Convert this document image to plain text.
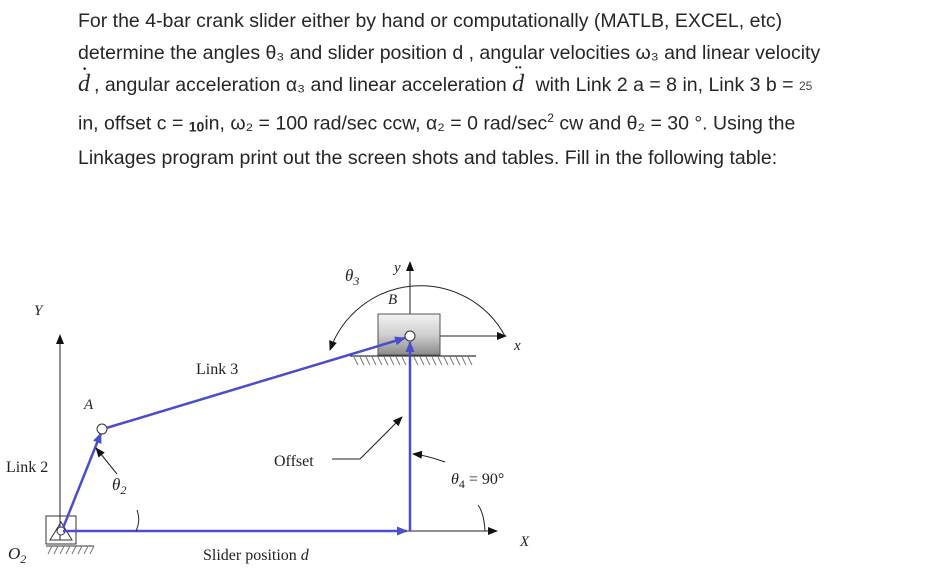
For the 4-bar crank slider either by hand or computationally (MATLB, EXCEL, etc)
determine the angles θ₃ and slider position d , angular velocities ω₃ and linear velocity
· d , angular acceleration α₃ and linear acceleration ·· d with Link 2 a = 8 in, Link 3 b = 25
in, offset c = 10in, ω₂ = 100 rad/sec ccw, α₂ = 0 rad/$\sec^2$ cw and θ₂ = 30 °. Using the
Linkages program print out the screen shots and tables. Fill in the following table:
Y
X
y
x
$\theta_3$
B
A
Link 3
Link 2	Offset
$\theta_2$
$\theta_4 = 90^\circ$
$O_2$	Slider position d
